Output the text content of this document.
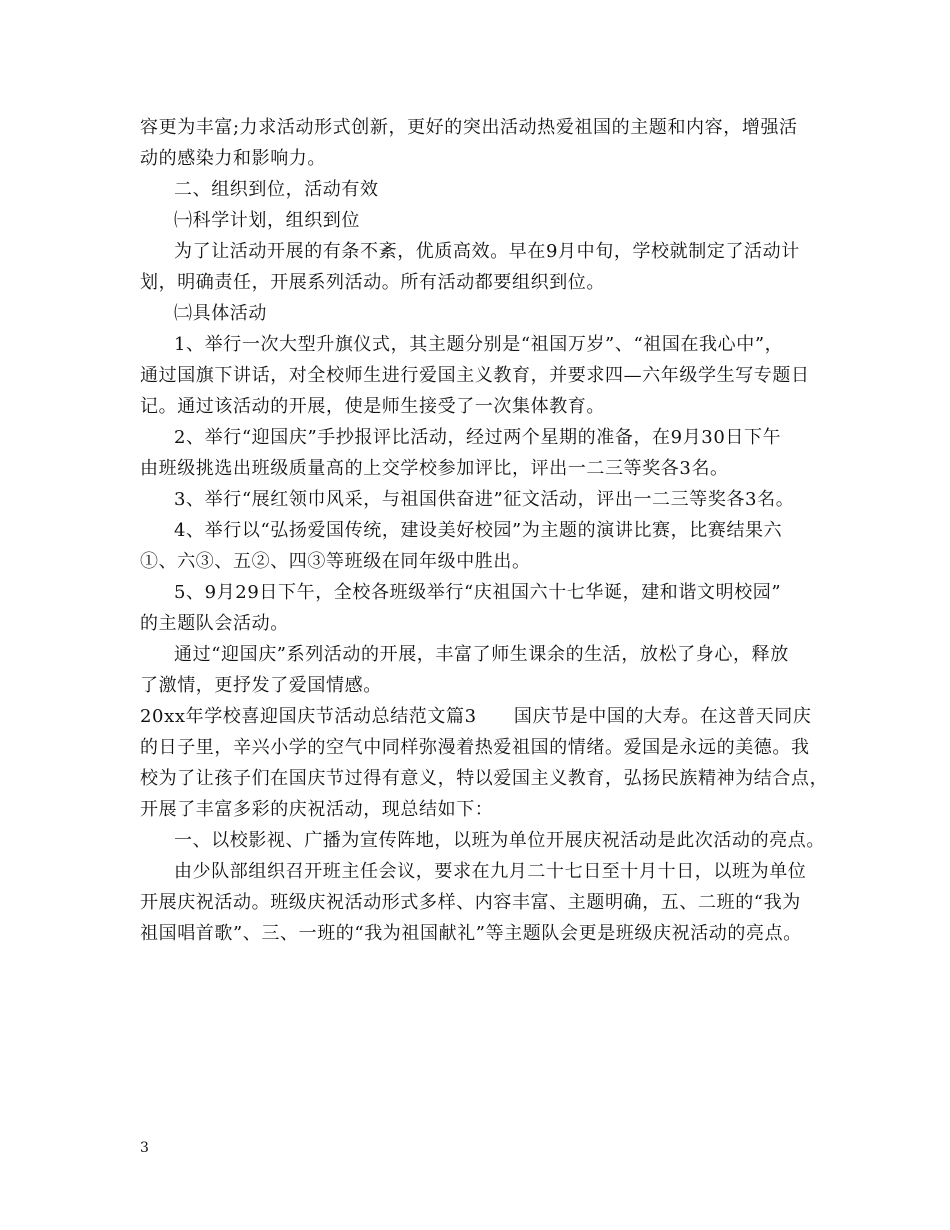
容更为丰富;力求活动形式创新，更好的突出活动热爱祖国的主题和内容，增强活
动的感染力和影响力。
二、组织到位，活动有效
㈠科学计划，组织到位
为了让活动开展的有条不紊，优质高效。早在9月中旬，学校就制定了活动计
划，明确责任，开展系列活动。所有活动都要组织到位。
㈡具体活动
1、举行一次大型升旗仪式，其主题分别是“祖国万岁”、“祖国在我心中”，
通过国旗下讲话，对全校师生进行爱国主义教育，并要求四—六年级学生写专题日
记。通过该活动的开展，使是师生接受了一次集体教育。
2、举行“迎国庆”手抄报评比活动，经过两个星期的准备，在9月30日下午
由班级挑选出班级质量高的上交学校参加评比，评出一二三等奖各3名。
3、举行“展红领巾风采，与祖国供奋进”征文活动，评出一二三等奖各3名。
4、举行以“弘扬爱国传统，建设美好校园”为主题的演讲比赛，比赛结果六
①、六③、五②、四③等班级在同年级中胜出。
5、9月29日下午，全校各班级举行“庆祖国六十七华诞，建和谐文明校园”
的主题队会活动。
通过“迎国庆”系列活动的开展，丰富了师生课余的生活，放松了身心，释放
了激情，更抒发了爱国情感。
20xx年学校喜迎国庆节活动总结范文篇3　　国庆节是中国的大寿。在这普天同庆
的日子里，辛兴小学的空气中同样弥漫着热爱祖国的情绪。爱国是永远的美德。我
校为了让孩子们在国庆节过得有意义，特以爱国主义教育，弘扬民族精神为结合点，
开展了丰富多彩的庆祝活动，现总结如下：
一、以校影视、广播为宣传阵地，以班为单位开展庆祝活动是此次活动的亮点。
由少队部组织召开班主任会议，要求在九月二十七日至十月十日，以班为单位
开展庆祝活动。班级庆祝活动形式多样、内容丰富、主题明确，五、二班的“我为
祖国唱首歌”、三、一班的“我为祖国献礼”等主题队会更是班级庆祝活动的亮点。
3
